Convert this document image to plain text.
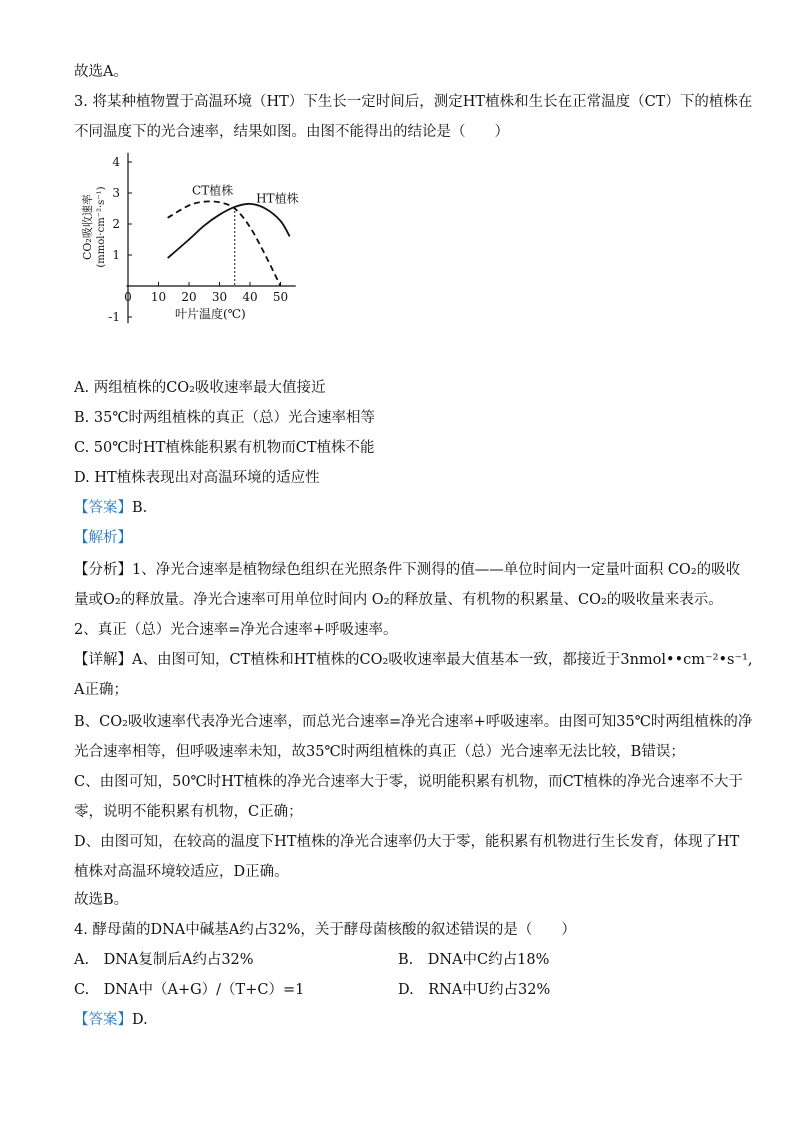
故选A。
3. 将某种植物置于高温环境（HT）下生长一定时间后，测定HT植株和生长在正常温度（CT）下的植株在
不同温度下的光合速率，结果如图。由图不能得出的结论是（　　）
0 10 20 30 40 50
-1
1
2
3
4
叶片温度(℃)
CO₂吸收速率 (mmol·cm⁻²·s⁻¹)	CT植株
HT植株
A. 两组植株的CO₂吸收速率最大值接近
B. 35℃时两组植株的真正（总）光合速率相等
C. 50℃时HT植株能积累有机物而CT植株不能
D. HT植株表现出对高温环境的适应性
【答案】B.
【解析】
【分析】1、净光合速率是植物绿色组织在光照条件下测得的值——单位时间内一定量叶面积 CO₂的吸收
量或O₂的释放量。净光合速率可用单位时间内 O₂的释放量、有机物的积累量、CO₂的吸收量来表示。
2、真正（总）光合速率=净光合速率+呼吸速率。
【详解】A、由图可知，CT植株和HT植株的CO₂吸收速率最大值基本一致，都接近于3nmol••cm⁻²•s⁻¹,
A正确；
B、CO₂吸收速率代表净光合速率，而总光合速率=净光合速率+呼吸速率。由图可知35℃时两组植株的净
光合速率相等，但呼吸速率未知，故35℃时两组植株的真正（总）光合速率无法比较，B错误；
C、由图可知，50℃时HT植株的净光合速率大于零，说明能积累有机物，而CT植株的净光合速率不大于
零，说明不能积累有机物，C正确；
D、由图可知，在较高的温度下HT植株的净光合速率仍大于零，能积累有机物进行生长发育，体现了HT
植株对高温环境较适应，D正确。
故选B。
4. 酵母菌的DNA中碱基A约占32%，关于酵母菌核酸的叙述错误的是（　　）
A.　DNA复制后A约占32%	B.　DNA中C约占18%
C.　DNA中（A+G）/（T+C）=1	D.　RNA中U约占32%
【答案】D.
